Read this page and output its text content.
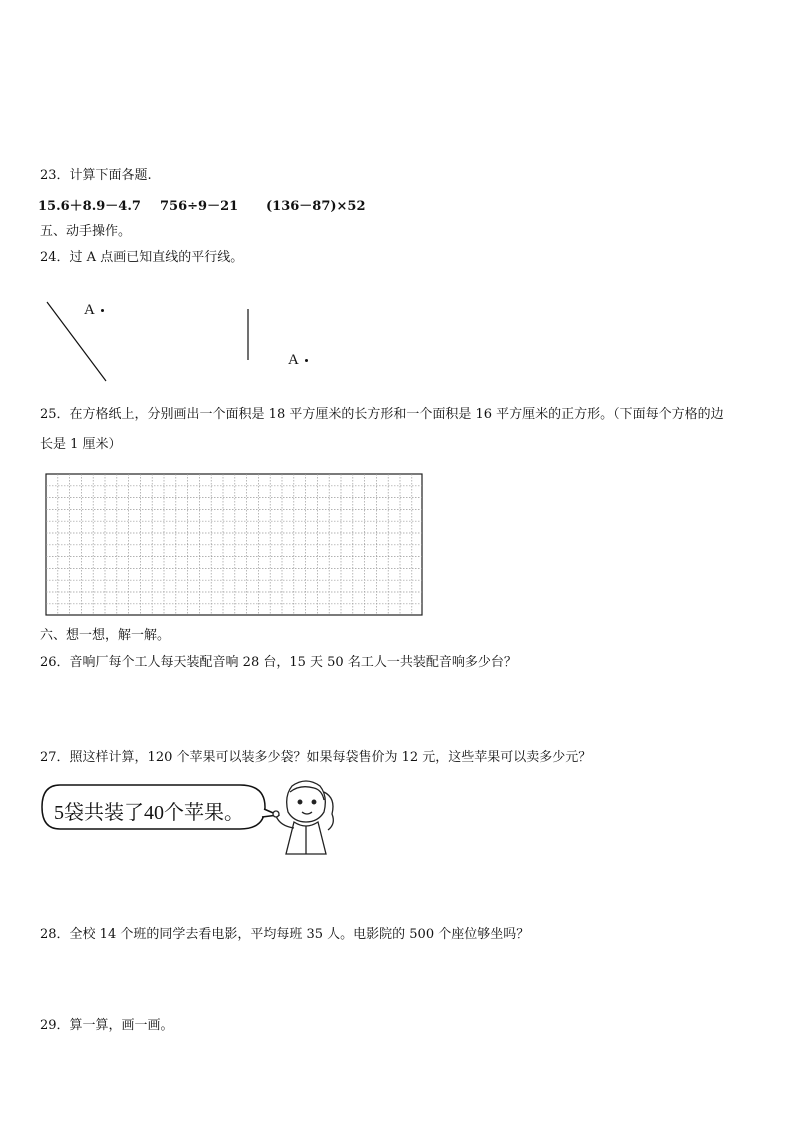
23．计算下面各题.
15.6＋8.9－4.7 756÷9－21 (136－87)×52
五、动手操作。
24．过 A 点画已知直线的平行线。
A
A
25．在方格纸上，分别画出一个面积是 18 平方厘米的长方形和一个面积是 16 平方厘米的正方形。（下面每个方格的边
长是 1 厘米）
六、想一想，解一解。
26．音响厂每个工人每天装配音响 28 台，15 天 50 名工人一共装配音响多少台？
27．照这样计算，120 个苹果可以装多少袋？如果每袋售价为 12 元，这些苹果可以卖多少元？
5袋共装了40个苹果。
28．全校 14 个班的同学去看电影，平均每班 35 人。电影院的 500 个座位够坐吗？
29．算一算，画一画。
